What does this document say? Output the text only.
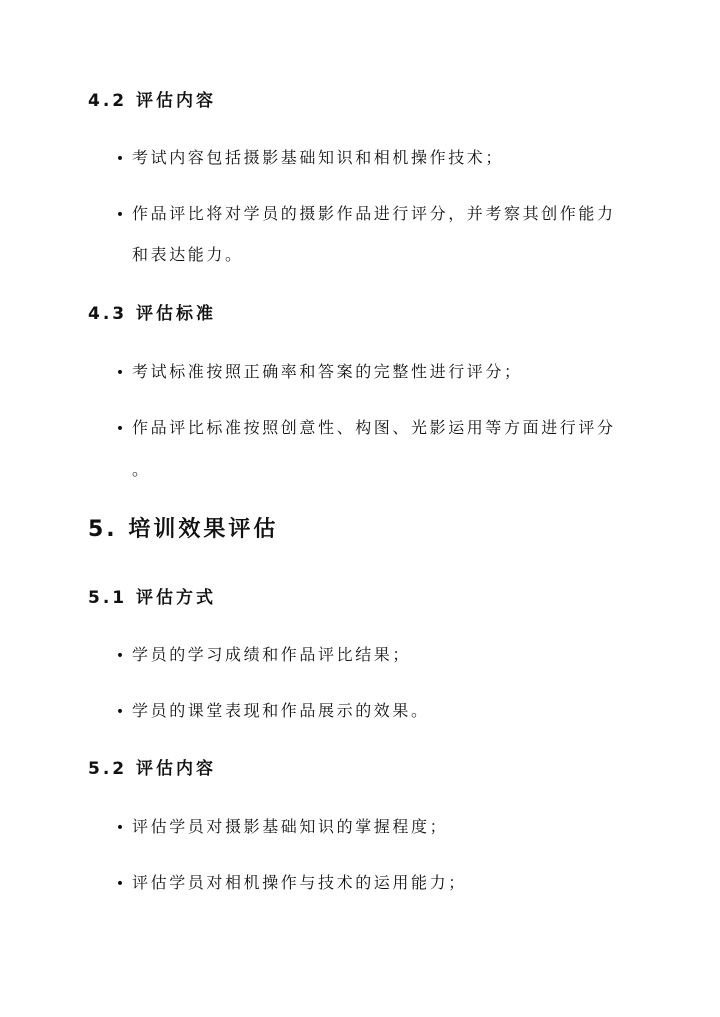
4.2 评估内容
• 考试内容包括摄影基础知识和相机操作技术；
• 作品评比将对学员的摄影作品进行评分，并考察其创作能力
和表达能力。
4.3 评估标准
• 考试标准按照正确率和答案的完整性进行评分；
• 作品评比标准按照创意性、构图、光影运用等方面进行评分
。
5. 培训效果评估
5.1 评估方式
• 学员的学习成绩和作品评比结果；
• 学员的课堂表现和作品展示的效果。
5.2 评估内容
• 评估学员对摄影基础知识的掌握程度；
• 评估学员对相机操作与技术的运用能力；
